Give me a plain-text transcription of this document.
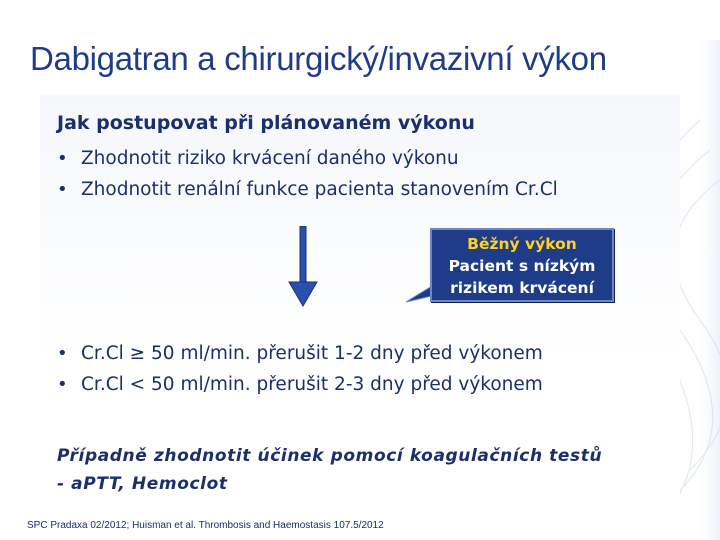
Dabigatran a chirurgický/invazivní výkon
Jak postupovat při plánovaném výkonu
• Zhodnotit riziko krvácení daného výkonu
• Zhodnotit renální funkce pacienta stanovením Cr.Cl
Běžný výkon
Pacient s nízkým
rizikem krvácení
• Cr.Cl ≥ 50 ml/min. přerušit 1-2 dny před výkonem
• Cr.Cl < 50 ml/min. přerušit 2-3 dny před výkonem
Případně zhodnotit účinek pomocí koagulačních testů
- aPTT, Hemoclot
SPC Pradaxa 02/2012; Huisman et al. Thrombosis and Haemostasis 107.5/2012
